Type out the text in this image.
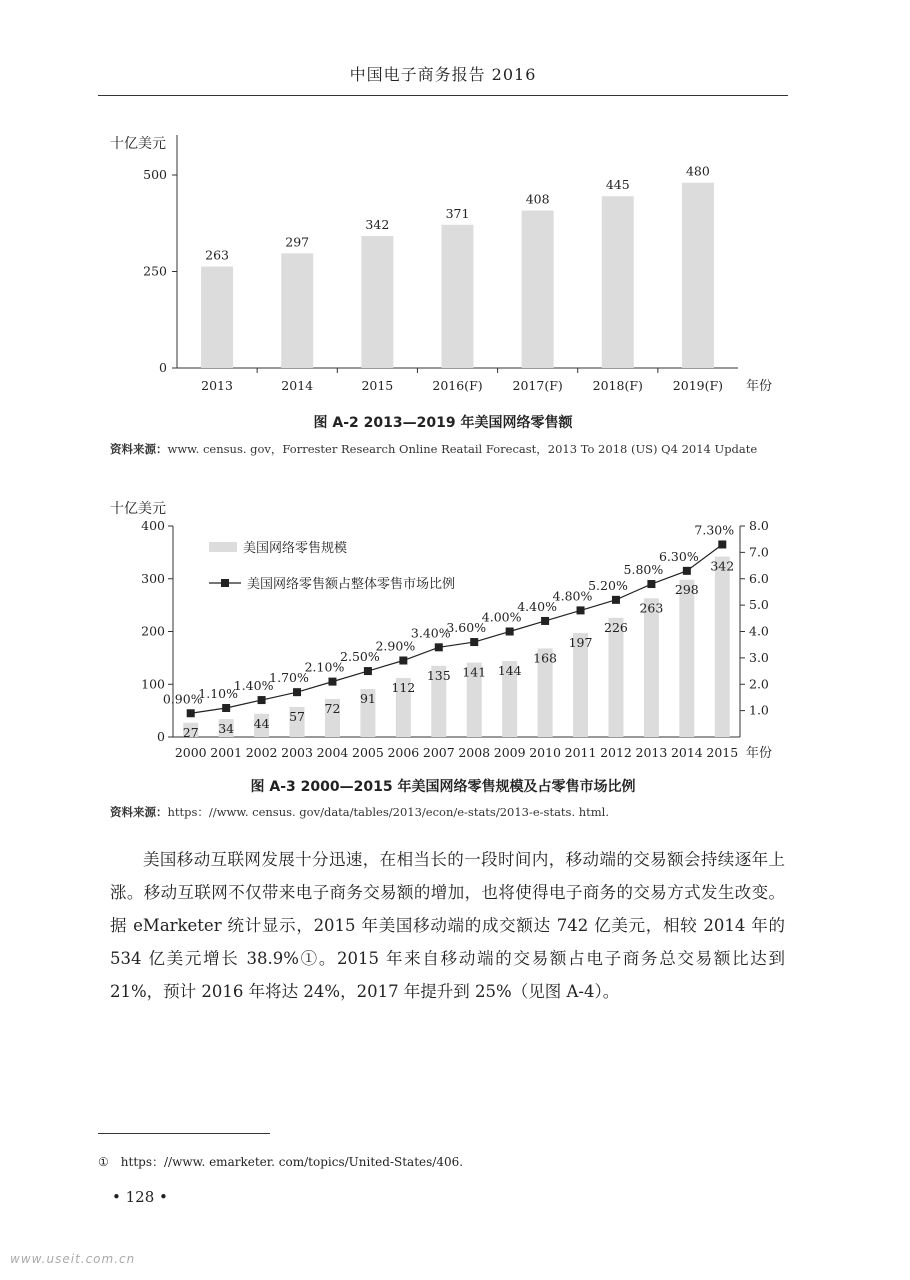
中国电子商务报告 2016
十亿美元
0
250
500
263
2013
297
2014
342
2015
371
2016(F)
408
2017(F)
445
2018(F)
480
2019(F) 年份
图 A-2 2013—2019 年美国网络零售额
资料来源：www. census. gov，Forrester Research Online Reatail Forecast，2013 To 2018 (US) Q4 2014 Update
十亿美元
0
100
200
300
400
1.0
2.0
3.0
4.0
5.0
6.0
7.0
8.0
27
2000
34
2001
44
2002
57
2003
72
2004
91
2005
112
2006
135
2007
141
2008
144
2009
168
2010
197
2011
226
2012
263
2013
298
2014
342
2015 年份
0.90%
1.10%
1.40%
1.70%
2.10%
2.50%
2.90%
3.40%
3.60%
4.00%
4.40%
4.80%
5.20%
5.80%
6.30%
7.30%
美国网络零售规模
美国网络零售额占整体零售市场比例
图 A-3 2000—2015 年美国网络零售规模及占零售市场比例
资料来源：https：//www. census. gov/data/tables/2013/econ/e-stats/2013-e-stats. html.
美国移动互联网发展十分迅速，在相当长的一段时间内，移动端的交易额会持续逐年上涨。移动互联网不仅带来电子商务交易额的增加，也将使得电子商务的交易方式发生改变。据 eMarketer 统计显示，2015 年美国移动端的成交额达 742 亿美元，相较 2014 年的 534 亿美元增长 38.9%①。2015 年来自移动端的交易额占电子商务总交易额比达到 21%，预计 2016 年将达 24%，2017 年提升到 25%（见图 A-4）。
① https：//www. emarketer. com/topics/United-States/406.
• 128 •
www.useit.com.cn
